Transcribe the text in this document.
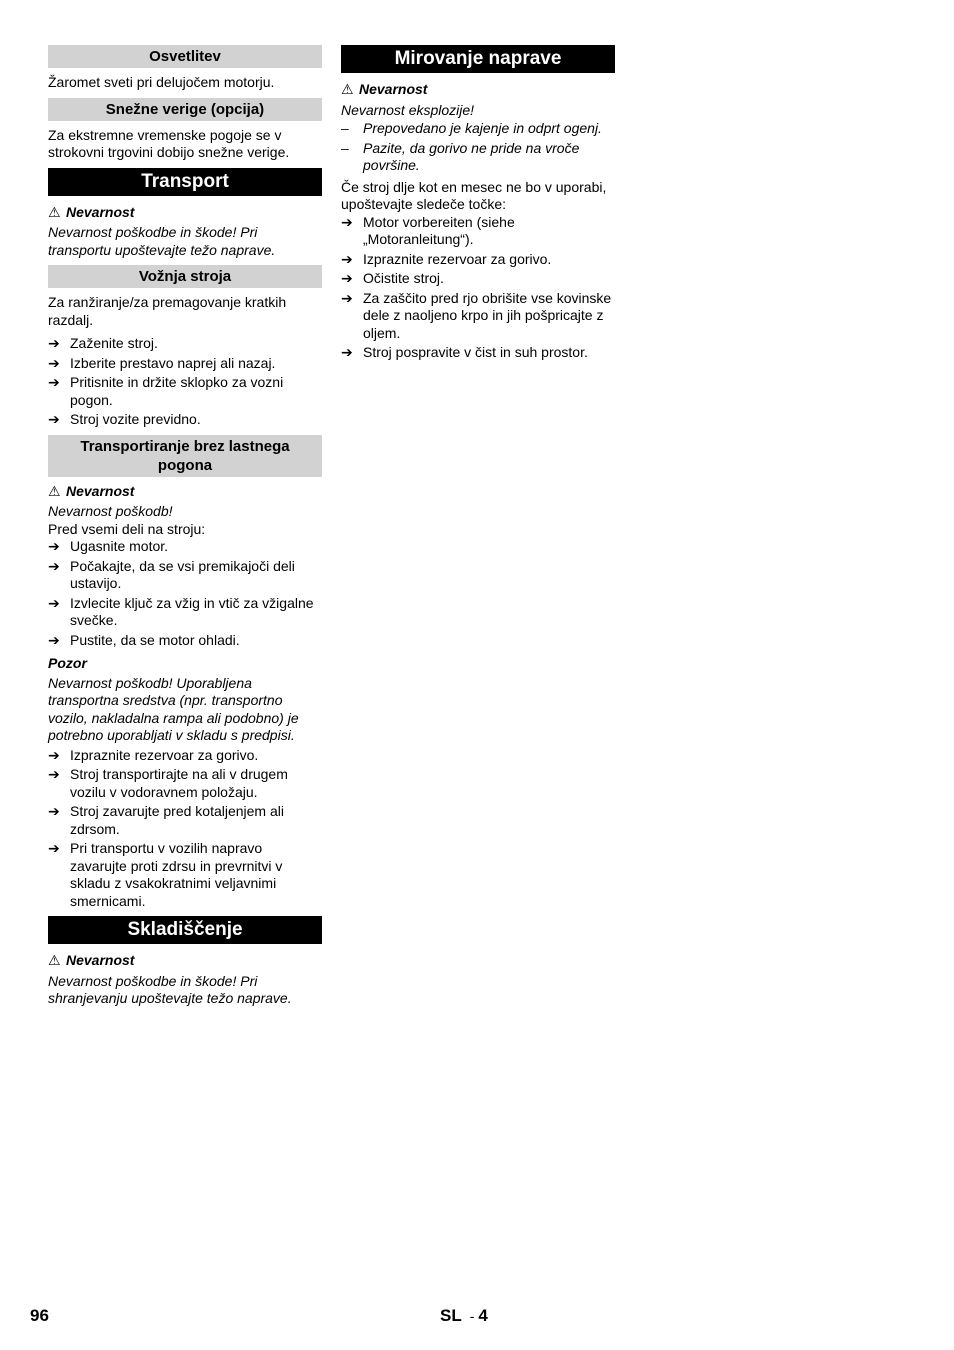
Osvetlitev

Žaromet sveti pri delujočem motorju.

Snežne verige (opcija)

Za ekstremne vremenske pogoje se v strokovni trgovini dobijo snežne verige.

Transport
⚠ Nevarnost

Nevarnost poškodbe in škode! Pri transportu upoštevajte težo naprave.

Vožnja stroja

Za ranžiranje/za premagovanje kratkih razdalj.

➔ Zaženite stroj.
➔ Izberite prestavo naprej ali nazaj.
➔ Pritisnite in držite sklopko za vozni pogon.
➔ Stroj vozite previdno.
Transportiranje brez lastnega pogona
⚠ Nevarnost

Nevarnost poškodb!

Pred vsemi deli na stroju:

➔ Ugasnite motor.
➔ Počakajte, da se vsi premikajoči deli ustavijo.
➔ Izvlecite ključ za vžig in vtič za vžigalne svečke.
➔ Pustite, da se motor ohladi.
Pozor

Nevarnost poškodb! Uporabljena transportna sredstva (npr. transportno vozilo, nakladalna rampa ali podobno) je potrebno uporabljati v skladu s predpisi.

➔ Izpraznite rezervoar za gorivo.
➔ Stroj transportirajte na ali v drugem vozilu v vodoravnem položaju.
➔ Stroj zavarujte pred kotaljenjem ali zdrsom.
➔ Pri transportu v vozilih napravo zavarujte proti zdrsu in prevrnitvi v skladu z vsakokratnimi veljavnimi smernicami.
Skladiščenje
⚠ Nevarnost

Nevarnost poškodbe in škode! Pri shranjevanju upoštevajte težo naprave.

Mirovanje naprave
⚠ Nevarnost

Nevarnost eksplozije!

– Prepovedano je kajenje in odprt ogenj.
– Pazite, da gorivo ne pride na vroče površine.

Če stroj dlje kot en mesec ne bo v uporabi, upoštevajte sledeče točke:

➔ Motor vorbereiten (siehe „Motoranleitung“).
➔ Izpraznite rezervoar za gorivo.
➔ Očistite stroj.
➔ Za zaščito pred rjo obrišite vse kovinske dele z naoljeno krpo in jih pošpricajte z oljem.
➔ Stroj pospravite v čist in suh prostor.
96	SL - 4
